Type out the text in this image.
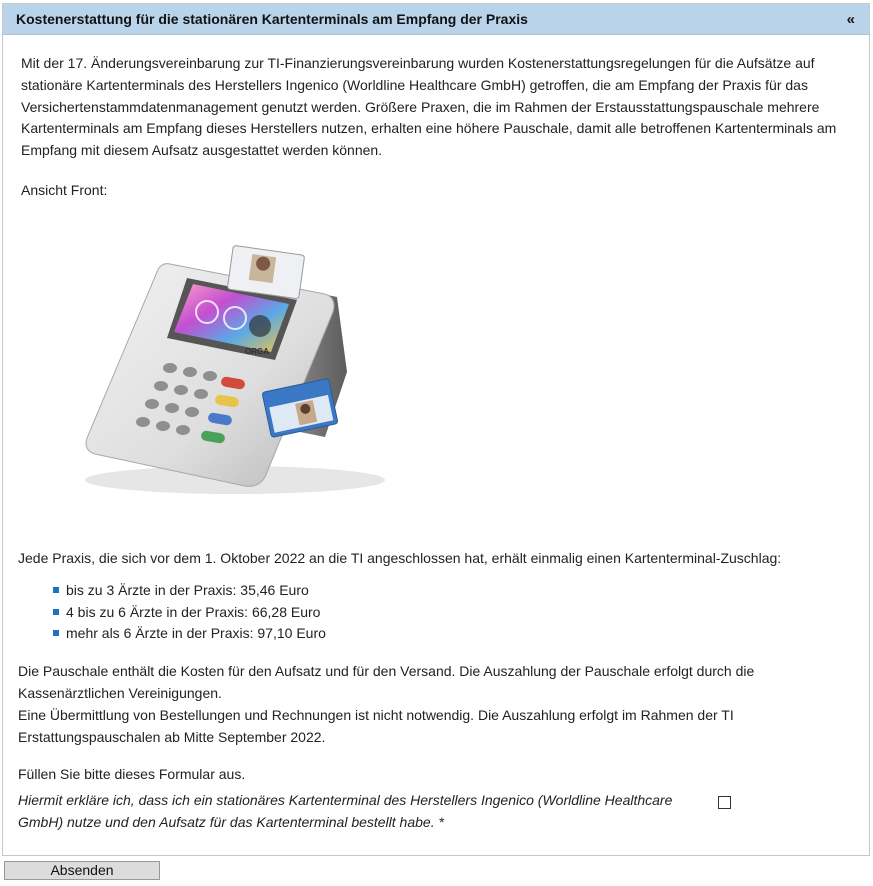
Kostenerstattung für die stationären Kartenterminals am Empfang der Praxis	«

Mit der 17. Änderungsvereinbarung zur TI-Finanzierungsvereinbarung wurden Kostenerstattungsregelungen für die Aufsätze auf stationäre Kartenterminals des Herstellers Ingenico (Worldline Healthcare GmbH) getroffen, die am Empfang der Praxis für das Versichertenstammdatenmanagement genutzt werden. Größere Praxen, die im Rahmen der Erstausstattungspauschale mehrere Kartenterminals am Empfang dieses Herstellers nutzen, erhalten eine höhere Pauschale, damit alle betroffenen Kartenterminals am Empfang mit diesem Aufsatz ausgestattet werden können.

Ansicht Front:

ORGA
Jede Praxis, die sich vor dem 1. Oktober 2022 an die TI angeschlossen hat, erhält einmalig einen Kartenterminal-Zuschlag:
bis zu 3 Ärzte in der Praxis: 35,46 Euro
4 bis zu 6 Ärzte in der Praxis: 66,28 Euro
mehr als 6 Ärzte in der Praxis: 97,10 Euro
Die Pauschale enthält die Kosten für den Aufsatz und für den Versand. Die Auszahlung der Pauschale erfolgt durch die Kassenärztlichen Vereinigungen.
Eine Übermittlung von Bestellungen und Rechnungen ist nicht notwendig. Die Auszahlung erfolgt im Rahmen der TI Erstattungspauschalen ab Mitte September 2022.
Füllen Sie bitte dieses Formular aus.
Hiermit erkläre ich, dass ich ein stationäres Kartenterminal des Herstellers Ingenico (Worldline Healthcare GmbH) nutze und den Aufsatz für das Kartenterminal bestellt habe. *
Absenden
